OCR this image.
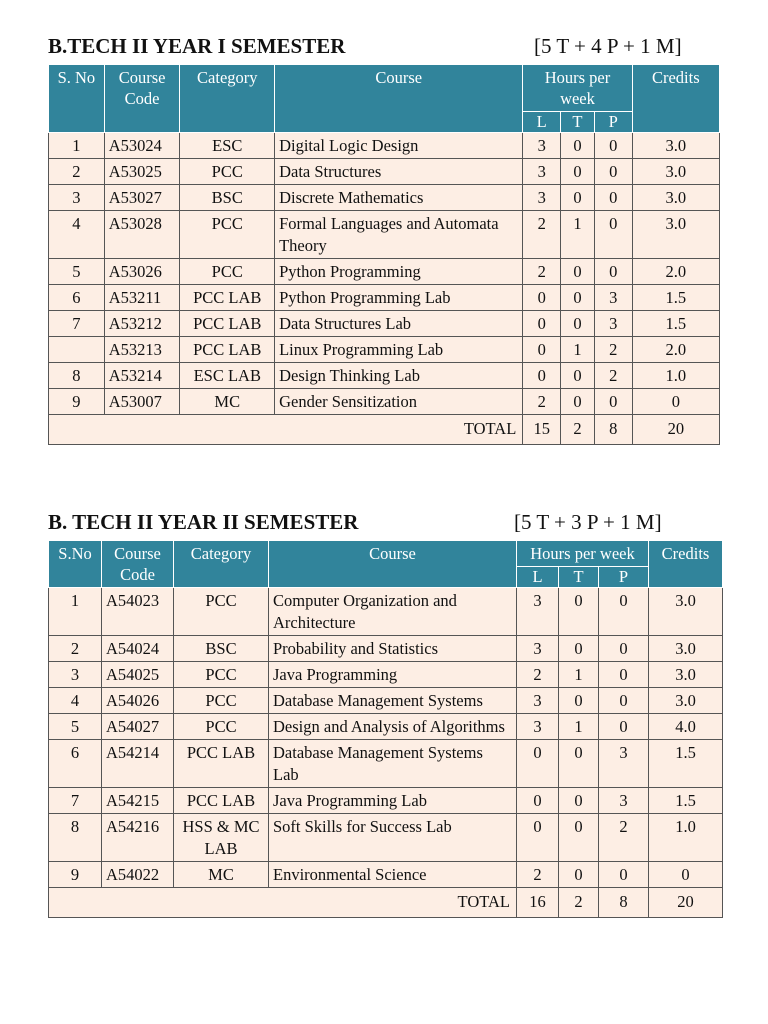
B.TECH II YEAR I SEMESTER	[5 T + 4 P + 1 M]
S. No	Course Code	Category	Course	Hours per week			Credits
				L	T	P	
1	A53024	ESC	Digital Logic Design	3	0	0	3.0
2	A53025	PCC	Data Structures	3	0	0	3.0
3	A53027	BSC	Discrete Mathematics	3	0	0	3.0
4	A53028	PCC	Formal Languages and Automata Theory	2	1	0	3.0
5	A53026	PCC	Python Programming	2	0	0	2.0
6	A53211	PCC LAB	Python Programming Lab	0	0	3	1.5
7	A53212	PCC LAB	Data Structures Lab	0	0	3	1.5
	A53213	PCC LAB	Linux Programming Lab	0	1	2	2.0
8	A53214	ESC LAB	Design Thinking Lab	0	0	2	1.0
9	A53007	MC	Gender Sensitization	2	0	0	0
TOTAL				15	2	8	20
B. TECH II YEAR II SEMESTER	[5 T + 3 P + 1 M]
S.No	Course Code	Category	Course	Hours per week			Credits
				L	T	P	
1	A54023	PCC	Computer Organization and Architecture	3	0	0	3.0
2	A54024	BSC	Probability and Statistics	3	0	0	3.0
3	A54025	PCC	Java Programming	2	1	0	3.0
4	A54026	PCC	Database Management Systems	3	0	0	3.0
5	A54027	PCC	Design and Analysis of Algorithms	3	1	0	4.0
6	A54214	PCC LAB	Database Management Systems Lab	0	0	3	1.5
7	A54215	PCC LAB	Java Programming Lab	0	0	3	1.5
8	A54216	HSS & MC LAB	Soft Skills for Success Lab	0	0	2	1.0
9	A54022	MC	Environmental Science	2	0	0	0
TOTAL				16	2	8	20
